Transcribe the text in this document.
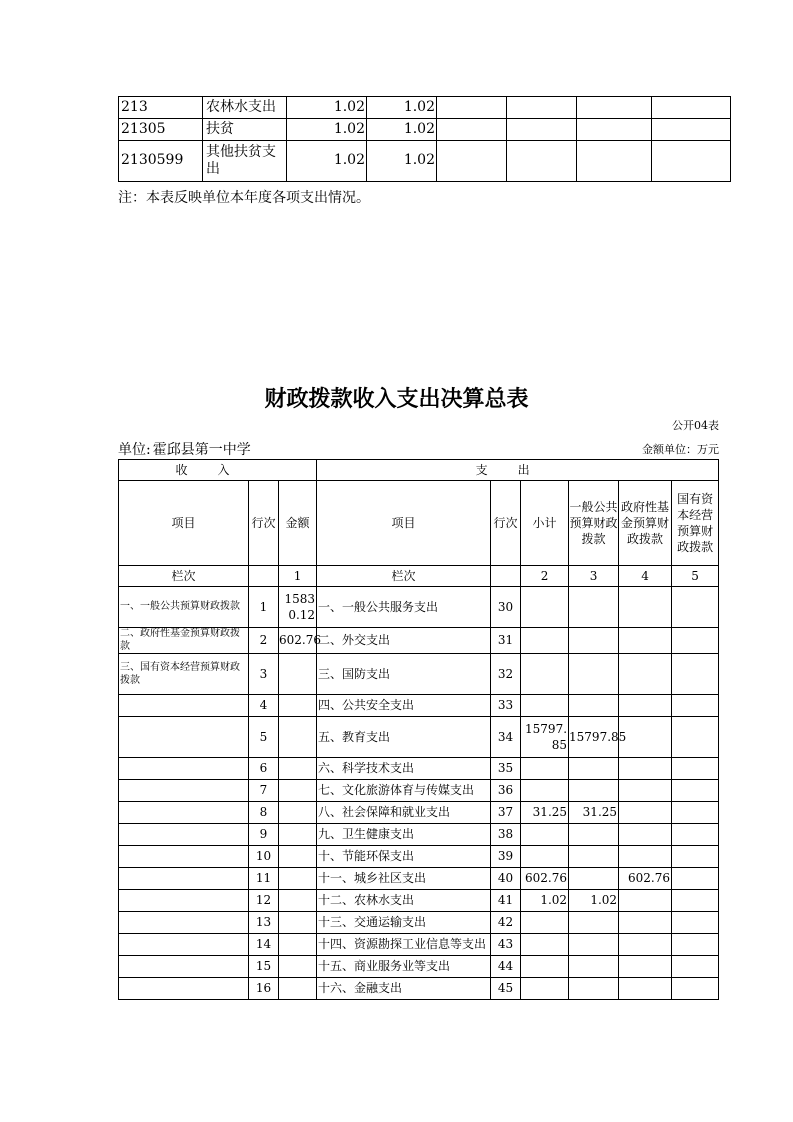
213	农林水支出	1.02	1.02				
21305	扶贫	1.02	1.02				
2130599	其他扶贫支出	1.02	1.02				
注：本表反映单位本年度各项支出情况。
财政拨款收入支出决算总表
公开04表
单位: 霍邱县第一中学	金额单位：万元
收入			支出					
项目	行次	金额	项目	行次	小计	一般公共预算财政拨款	政府性基金预算财政拨款	国有资本经营预算财政拨款
栏次		1	栏次		2	3	4	5
一、一般公共预算财政拨款	1	15830.12	一、一般公共服务支出	30				
二、政府性基金预算财政拨款	2	602.76	二、外交支出	31				
三、国有资本经营预算财政拨款	3		三、国防支出	32				
	4		四、公共安全支出	33				
	5		五、教育支出	34	15797.85	15797.85		
	6		六、科学技术支出	35				
	7		七、文化旅游体育与传媒支出	36				
	8		八、社会保障和就业支出	37	31.25	31.25		
	9		九、卫生健康支出	38				
	10		十、节能环保支出	39				
	11		十一、城乡社区支出	40	602.76		602.76	
	12		十二、农林水支出	41	1.02	1.02		
	13		十三、交通运输支出	42				
	14		十四、资源勘探工业信息等支出	43				
	15		十五、商业服务业等支出	44				
	16		十六、金融支出	45				
